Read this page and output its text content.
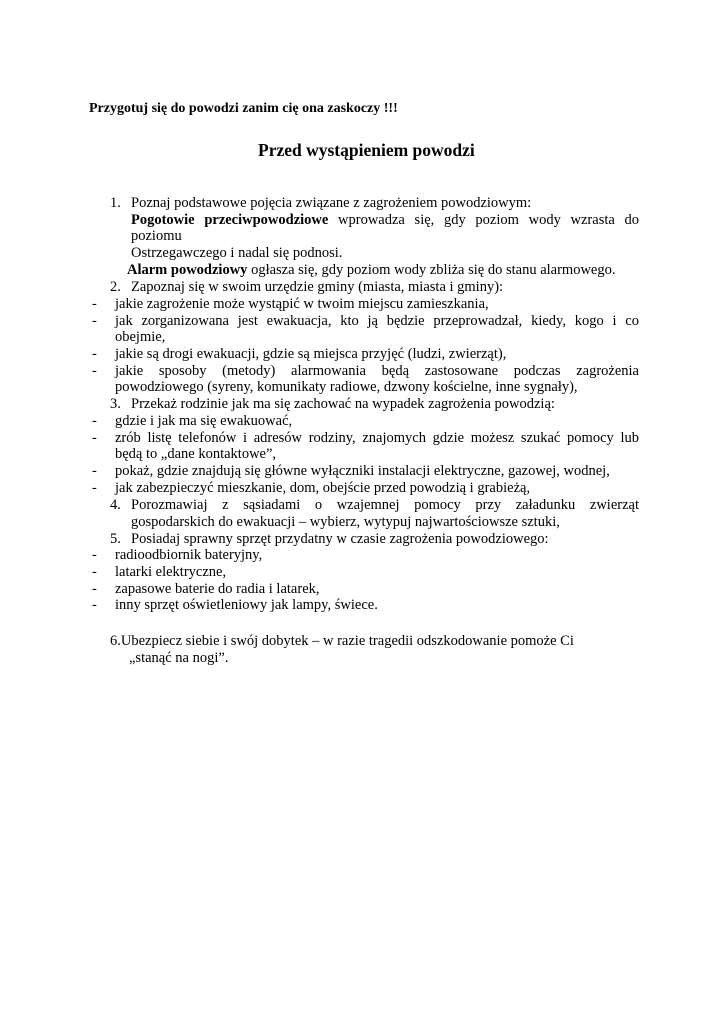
Przygotuj się do powodzi zanim cię ona zaskoczy !!!
Przed wystąpieniem powodzi
1. Poznaj podstawowe pojęcia związane z zagrożeniem powodziowym:
Pogotowie przeciwpowodziowe wprowadza się, gdy poziom wody wzrasta do
poziomu
Ostrzegawczego i nadal się podnosi.
Alarm powodziowy ogłasza się, gdy poziom wody zbliża się do stanu alarmowego.
2. Zapoznaj się w swoim urzędzie gminy (miasta, miasta i gminy):
- jakie zagrożenie może wystąpić w twoim miejscu zamieszkania,
- jak zorganizowana jest ewakuacja, kto ją będzie przeprowadzał, kiedy, kogo i co
obejmie,
- jakie są drogi ewakuacji, gdzie są miejsca przyjęć (ludzi, zwierząt),
- jakie sposoby (metody) alarmowania będą zastosowane podczas zagrożenia
powodziowego (syreny, komunikaty radiowe, dzwony kościelne, inne sygnały),
3. Przekaż rodzinie jak ma się zachować na wypadek zagrożenia powodzią:
- gdzie i jak ma się ewakuować,
- zrób listę telefonów i adresów rodziny, znajomych gdzie możesz szukać pomocy lub
będą to „dane kontaktowe”,
- pokaż, gdzie znajdują się główne wyłączniki instalacji elektryczne, gazowej, wodnej,
- jak zabezpieczyć mieszkanie, dom, obejście przed powodzią i grabieżą,
4. Porozmawiaj z sąsiadami o wzajemnej pomocy przy załadunku zwierząt
gospodarskich do ewakuacji – wybierz, wytypuj najwartościowsze sztuki,
5. Posiadaj sprawny sprzęt przydatny w czasie zagrożenia powodziowego:
- radioodbiornik bateryjny,
- latarki elektryczne,
- zapasowe baterie do radia i latarek,
- inny sprzęt oświetleniowy jak lampy, świece.
6.Ubezpiecz siebie i swój dobytek – w razie tragedii odszkodowanie pomoże Ci
„stanąć na nogi”.
